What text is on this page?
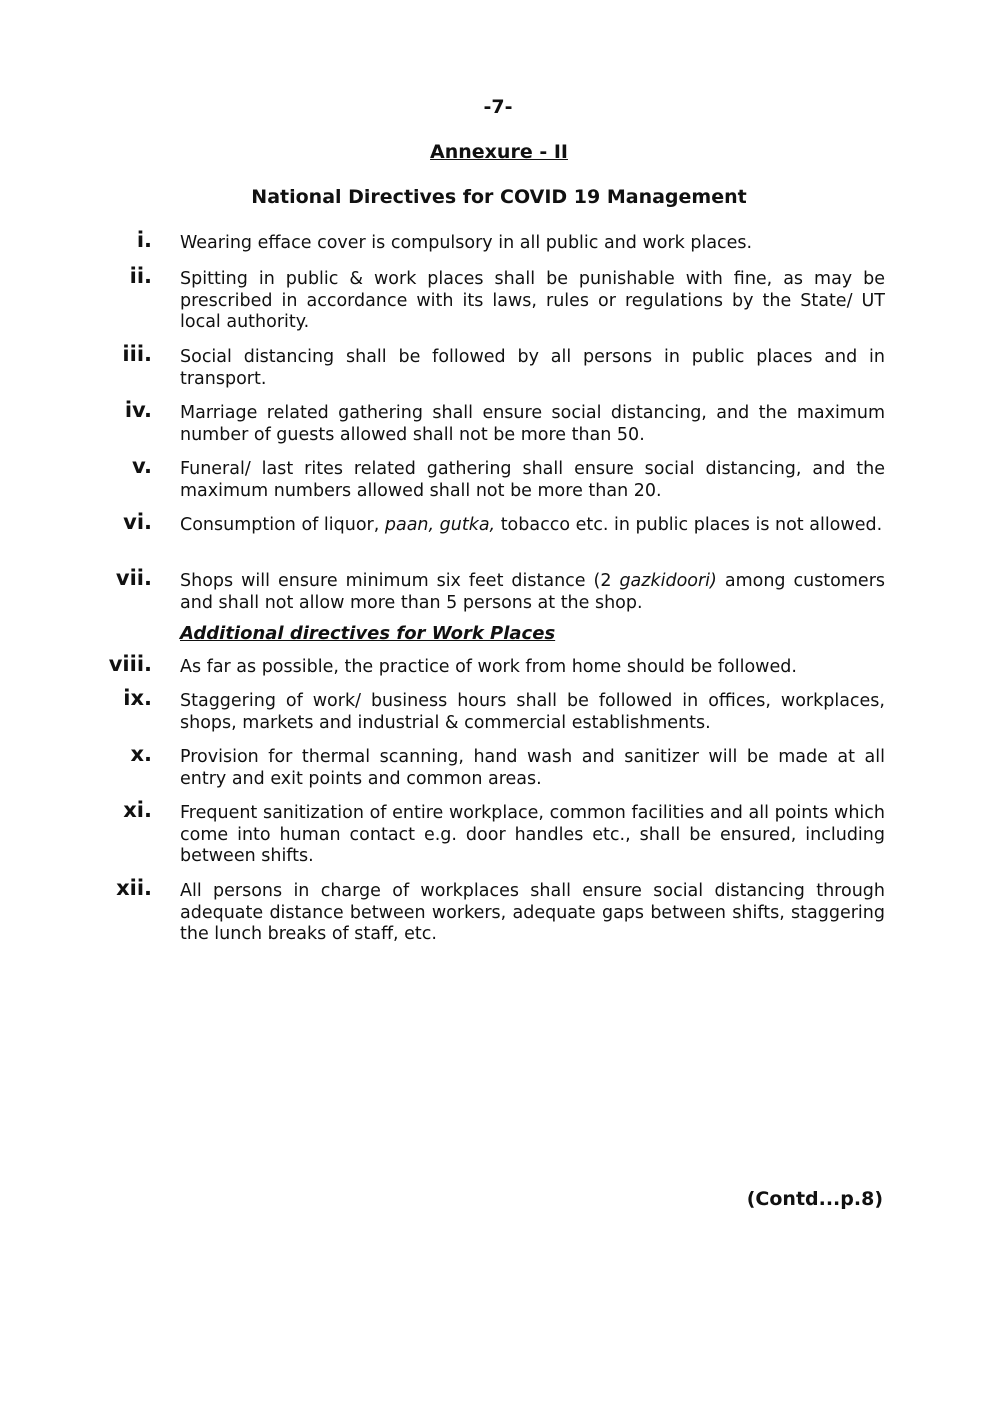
-7-
Annexure - II
National Directives for COVID 19 Management
i. Wearing efface cover is compulsory in all public and work places.
ii. Spitting in public & work places shall be punishable with fine, as may be prescribed in accordance with its laws, rules or regulations by the State/ UT local authority.
iii. Social distancing shall be followed by all persons in public places and in transport.
iv. Marriage related gathering shall ensure social distancing, and the maximum number of guests allowed shall not be more than 50.
v. Funeral/ last rites related gathering shall ensure social distancing, and the maximum numbers allowed shall not be more than 20.
vi. Consumption of liquor, paan, gutka, tobacco etc. in public places is not allowed.
vii. Shops will ensure minimum six feet distance (2 gazkidoori) among customers and shall not allow more than 5 persons at the shop.
Additional directives for Work Places
viii. As far as possible, the practice of work from home should be followed.
ix. Staggering of work/ business hours shall be followed in offices, workplaces, shops, markets and industrial & commercial establishments.
x. Provision for thermal scanning, hand wash and sanitizer will be made at all entry and exit points and common areas.
xi. Frequent sanitization of entire workplace, common facilities and all points which come into human contact e.g. door handles etc., shall be ensured, including between shifts.
xii. All persons in charge of workplaces shall ensure social distancing through adequate distance between workers, adequate gaps between shifts, staggering the lunch breaks of staff, etc.
(Contd...p.8)
